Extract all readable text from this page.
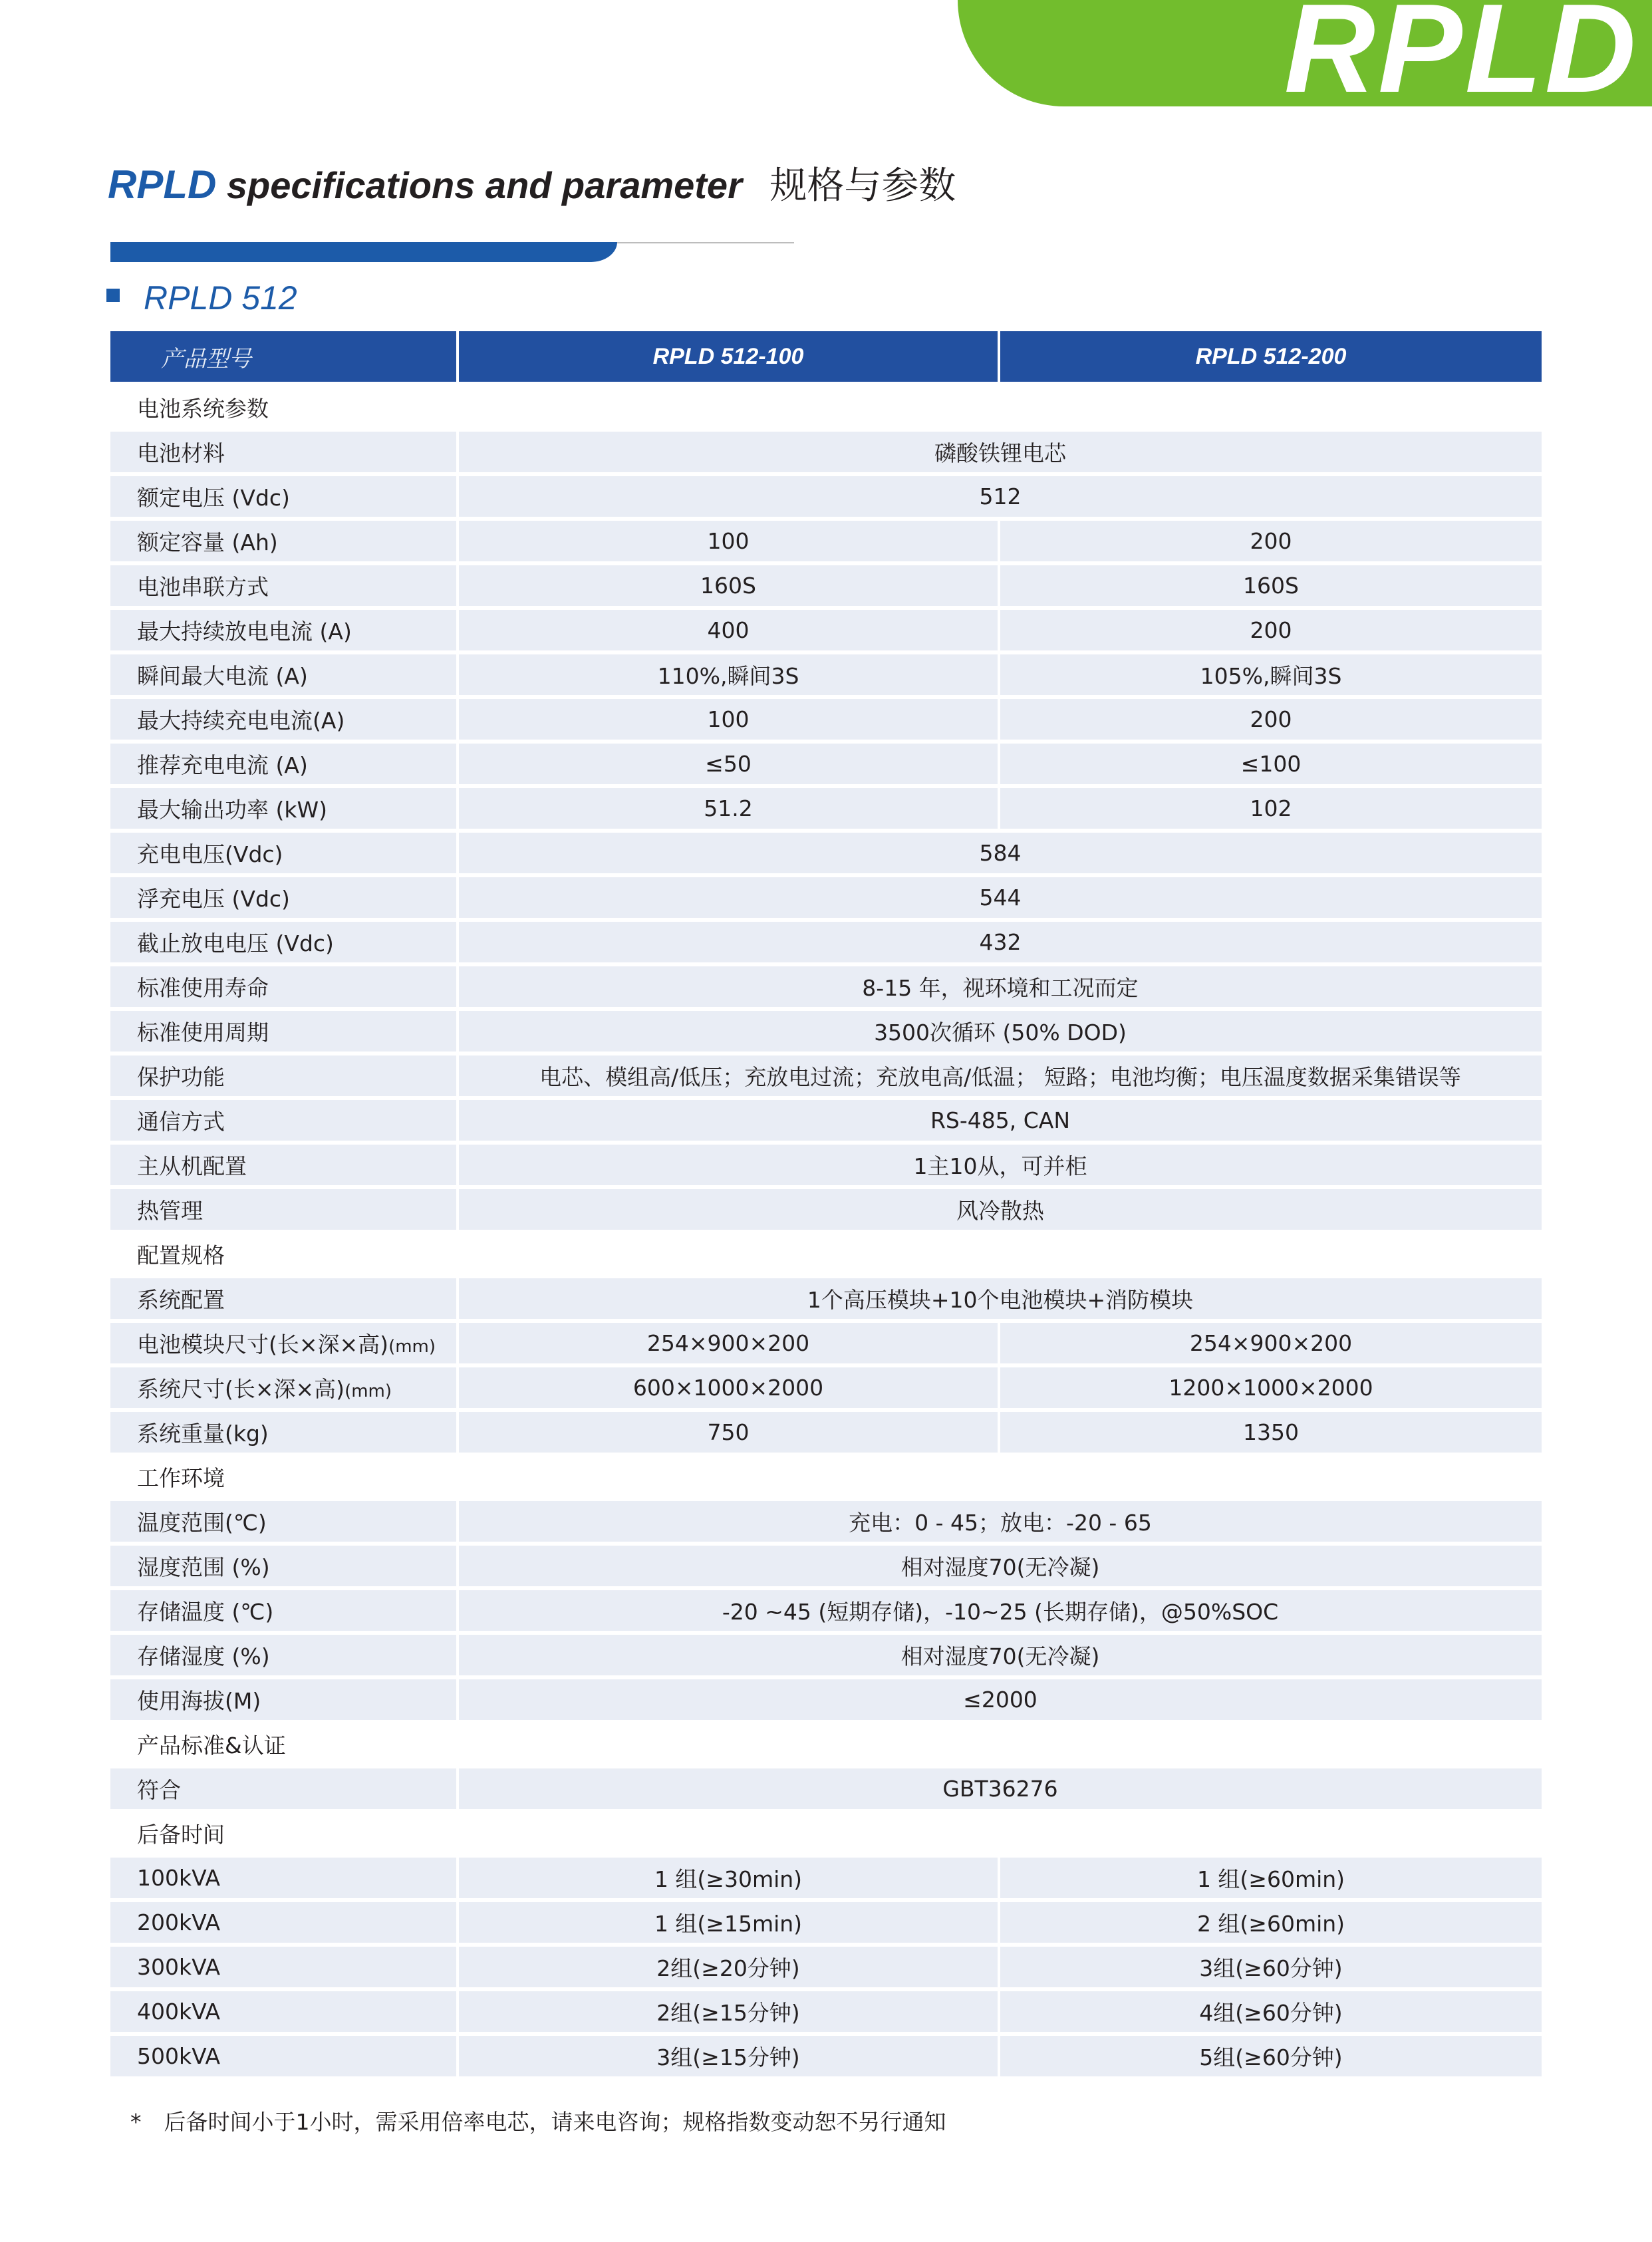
RPLD
RPLD specifications and parameter 规格与参数
RPLD 512
产品型号	RPLD 512-100	RPLD 512-200
电池系统参数		
电池材料	磷酸铁锂电芯	
额定电压 (Vdc)	512	
额定容量 (Ah)	100	200
电池串联方式	160S	160S
最大持续放电电流 (A)	400	200
瞬间最大电流 (A)	110%,瞬间3S	105%,瞬间3S
最大持续充电电流(A)	100	200
推荐充电电流 (A)	≤50	≤100
最大输出功率 (kW)	51.2	102
充电电压(Vdc)	584	
浮充电压 (Vdc)	544	
截止放电电压 (Vdc)	432	
标准使用寿命	8-15 年，视环境和工况而定	
标准使用周期	3500次循环 (50% DOD)	
保护功能	电芯、模组高/低压；充放电过流；充放电高/低温； 短路；电池均衡；电压温度数据采集错误等	
通信方式	RS-485, CAN	
主从机配置	1主10从，可并柜	
热管理	风冷散热	
配置规格		
系统配置	1个高压模块+10个电池模块+消防模块	
电池模块尺寸(长×深×高)(mm)	254×900×200	254×900×200
系统尺寸(长×深×高)(mm)	600×1000×2000	1200×1000×2000
系统重量(kg)	750	1350
工作环境		
温度范围(℃)	充电：0 - 45；放电：-20 - 65	
湿度范围 (%)	相对湿度70(无冷凝)	
存储温度 (℃)	-20 ~45 (短期存储)，-10~25 (长期存储)，@50%SOC	
存储湿度 (%)	相对湿度70(无冷凝)	
使用海拔(M)	≤2000	
产品标准&认证		
符合	GBT36276	
后备时间		
100kVA	1 组(≥30min)	1 组(≥60min)
200kVA	1 组(≥15min)	2 组(≥60min)
300kVA	2组(≥20分钟)	3组(≥60分钟)
400kVA	2组(≥15分钟)	4组(≥60分钟)
500kVA	3组(≥15分钟)	5组(≥60分钟)
* 后备时间小于1小时，需采用倍率电芯，请来电咨询；规格指数变动恕不另行通知
